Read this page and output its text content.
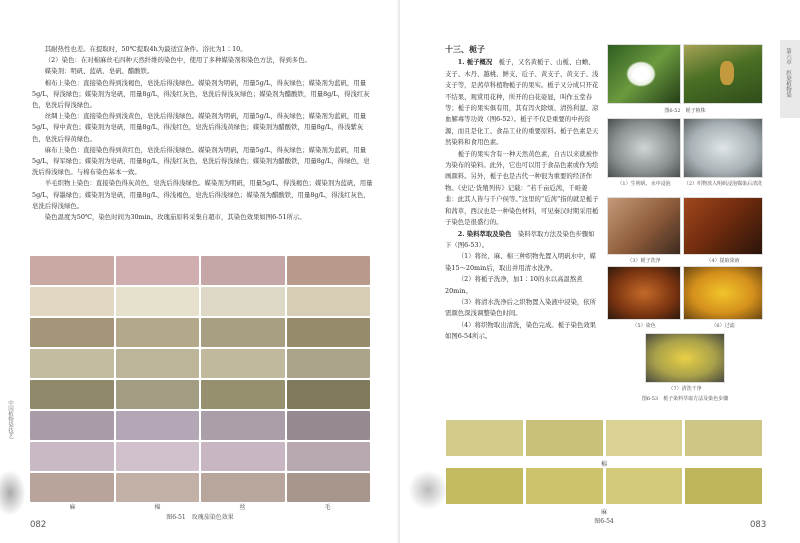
其耐热性也差。在提取时，50℃提取4h为最适宜条件。浴比为1∶10。

（2）染色：在对棉麻丝毛四种天然纤维的染色中，使用了多种媒染剂和染色方法，得到多色。

媒染剂：明矾、蓝矾、皂矾、醋酸铁。

棉布上染色：直接染色得到浅褐色，皂洗后得浅绿色。媒染剂为明矾，用量5g/L，得灰绿色；媒染剂为蓝矾，用量5g/L，得浅绿色；媒染剂为皂矾，用量8g/L，得浅红灰色，皂洗后得浅灰绿色；媒染剂为醋酸铁，用量8g/L，得浅红灰色，皂洗后得浅绿色。

丝绸上染色：直接染色得到浅黄色，皂洗后得浅绿色。媒染剂为明矾，用量5g/L，得灰绿色；媒染剂为蓝矾，用量5g/L，得中黄色；媒染剂为皂矾，用量8g/L，得浅红色，皂洗后得浅黄绿色；媒染剂为醋酸铁，用量8g/L，得浅紫灰色，皂洗后得黄绿色。

麻布上染色：直接染色得到黄红色，皂洗后得浅绿色。媒染剂为明矾，用量5g/L，得灰绿色；媒染剂为蓝矾，用量5g/L，得军绿色；媒染剂为皂矾，用量8g/L，得浅红灰色，皂洗后得浅绿色；媒染剂为醋酸铁，用量8g/L，得绿色，皂洗后得浅绿色。与棉布染色基本一致。

羊毛织物上染色：直接染色得灰黄色，皂洗后得浅绿色。媒染剂为明矾，用量5g/L，得浅褐色；媒染剂为蓝矾，用量5g/L，得墨绿色；媒染剂为皂矾，用量8g/L，得浅褐色，皂洗后得浅绿色；媒染剂为醋酸铁，用量8g/L，得浅红灰色，皂洗后得浅绿色。

染色温度为50℃，染色时间为30min。玫瑰茄原料采集自超市，其染色效果如图6-51所示。

麻	棉	丝	毛
图6-51　玫瑰茄染色效果
082
中国植物染技艺
十三、栀子

1. 栀子概况　 栀子，又名黄栀子、山栀、白蟾、支子、木丹、越桃、鲜支、卮子、黄支子、黄支子、浅支子等，是茜草科植物栀子的果实。栀子又分成只开花不结果、观赏用花种，所开的白花姿显，叫作玉堂春等；栀子的果实俱有用，其有泻火除烦、清热利湿、凉血解毒等功效（图6-52）。栀子不仅是重要的中药资源，而且是化工、食品工业的重要原料。栀子色素是天然染料和食用色素。

栀子的果实含有一种天然黄色素，自古以来就被作为染布的染料。此外，它也可以用于食品色素或作为绘画颜料。另外，栀子也是古代一种很为重要的经济作物。《史记·货殖列传》记载：“若千亩卮茜，千畦姜韭：此其人皆与千户侯等。”这里的“卮茜”指的就是栀子和茜草，西汉也是一种染色材料，可见秦汉时期采用栀子染色是很盛行的。

2. 染料萃取及染色　 染料萃取方法及染色步骤如下（图6-53）。

（1）将丝、麻、棉三种织物先置入明矾水中，媒染15～20min后，取出并用清水洗净。

（2）将栀子洗净，加1∶10的水以高温熬煮20min。

（3）将清水洗净后之织物置入染液中浸染，依所需颜色深浅调整染色时间。

（4）将织物取出清洗，染色完成。栀子染色效果如图6-54所示。

图6-52　栀子植株
（1）生明矾、水中浸泡	（2）织物放入明矾浸泡媒染后清洗
（3）栀子洗净	（4）提取染液
（5）染色	（6）过滤
（7）清洗干净
图6-53　栀子染料萃取方法及染色步骤
棉
麻
图6-54	083
第六章　织染植物染
